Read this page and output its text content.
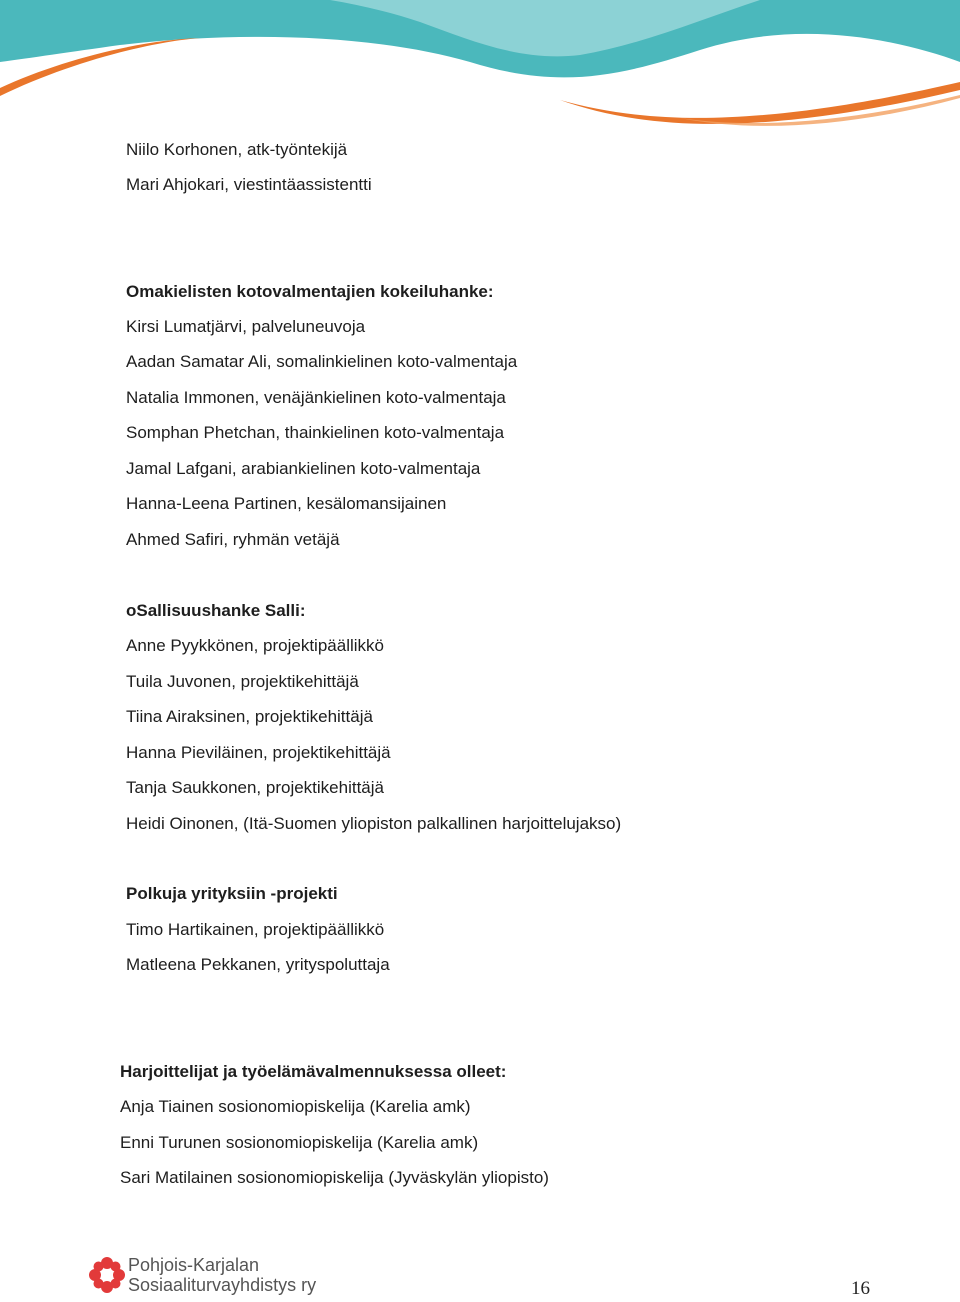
Niilo Korhonen, atk-työntekijä
Mari Ahjokari, viestintäassistentti
Omakielisten kotovalmentajien kokeiluhanke:
Kirsi Lumatjärvi, palveluneuvoja
Aadan Samatar Ali, somalinkielinen koto-valmentaja
Natalia Immonen, venäjänkielinen koto-valmentaja
Somphan Phetchan, thainkielinen koto-valmentaja
Jamal Lafgani, arabiankielinen koto-valmentaja
Hanna-Leena Partinen, kesälomansijainen
Ahmed Safiri, ryhmän vetäjä
oSallisuushanke Salli:
Anne Pyykkönen, projektipäällikkö
Tuila Juvonen, projektikehittäjä
Tiina Airaksinen, projektikehittäjä
Hanna Pieviläinen, projektikehittäjä
Tanja Saukkonen, projektikehittäjä
Heidi Oinonen, (Itä-Suomen yliopiston palkallinen harjoittelujakso)
Polkuja yrityksiin -projekti
Timo Hartikainen, projektipäällikkö
Matleena Pekkanen, yrityspoluttaja
Harjoittelijat ja työelämävalmennuksessa olleet:
Anja Tiainen sosionomiopiskelija (Karelia amk)
Enni Turunen sosionomiopiskelija (Karelia amk)
Sari Matilainen sosionomiopiskelija (Jyväskylän yliopisto)
Pohjois-Karjalan
Sosiaaliturvayhdistys ry	16
